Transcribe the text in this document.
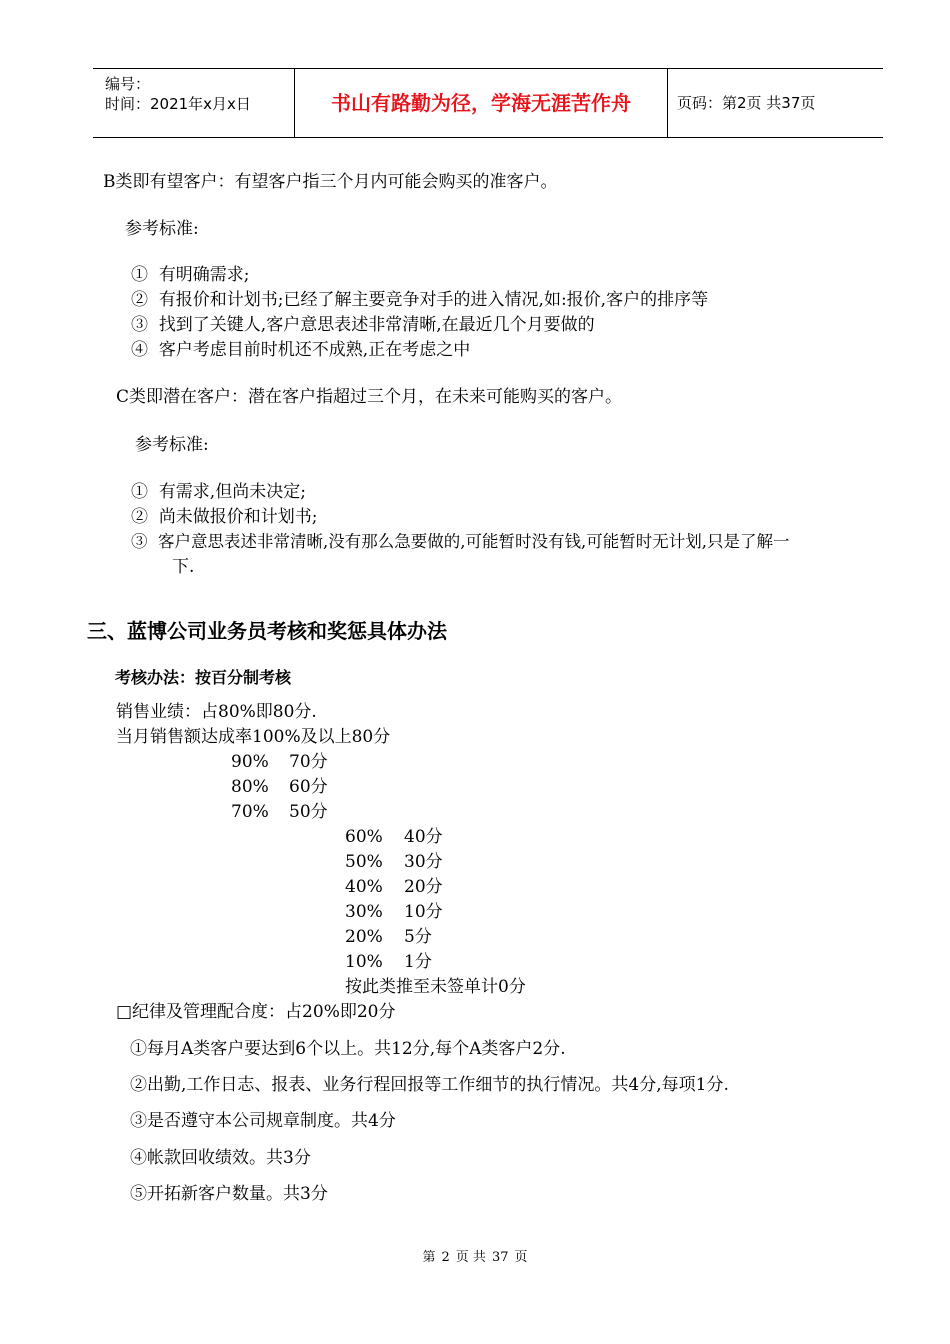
编号：
时间：2021年x月x日	书山有路勤为径，学海无涯苦作舟	页码：第2页 共37页
B类即有望客户：有望客户指三个月内可能会购买的准客户。
参考标准:
① 有明确需求;
② 有报价和计划书;已经了解主要竞争对手的进入情况,如:报价,客户的排序等
③ 找到了关键人,客户意思表述非常清晰,在最近几个月要做的
④ 客户考虑目前时机还不成熟,正在考虑之中
C类即潜在客户：潜在客户指超过三个月，在未来可能购买的客户。
参考标准:
① 有需求,但尚未决定;
② 尚未做报价和计划书;
③ 客户意思表述非常清晰,没有那么急要做的,可能暂时没有钱,可能暂时无计划,只是了解一
下.
三、蓝博公司业务员考核和奖惩具体办法
考核办法：按百分制考核
销售业绩：占80%即80分.
当月销售额达成率100%及以上80分
90% 70分
80% 60分
70% 50分
60% 40分
50% 30分
40% 20分
30% 10分
20% 5分
10% 1分
按此类推至未签单计0分
□纪律及管理配合度：占20%即20分
①每月A类客户要达到6个以上。共12分,每个A类客户2分.
②出勤,工作日志、报表、业务行程回报等工作细节的执行情况。共4分,每项1分.
③是否遵守本公司规章制度。共4分
④帐款回收绩效。共3分
⑤开拓新客户数量。共3分
第 2 页 共 37 页
